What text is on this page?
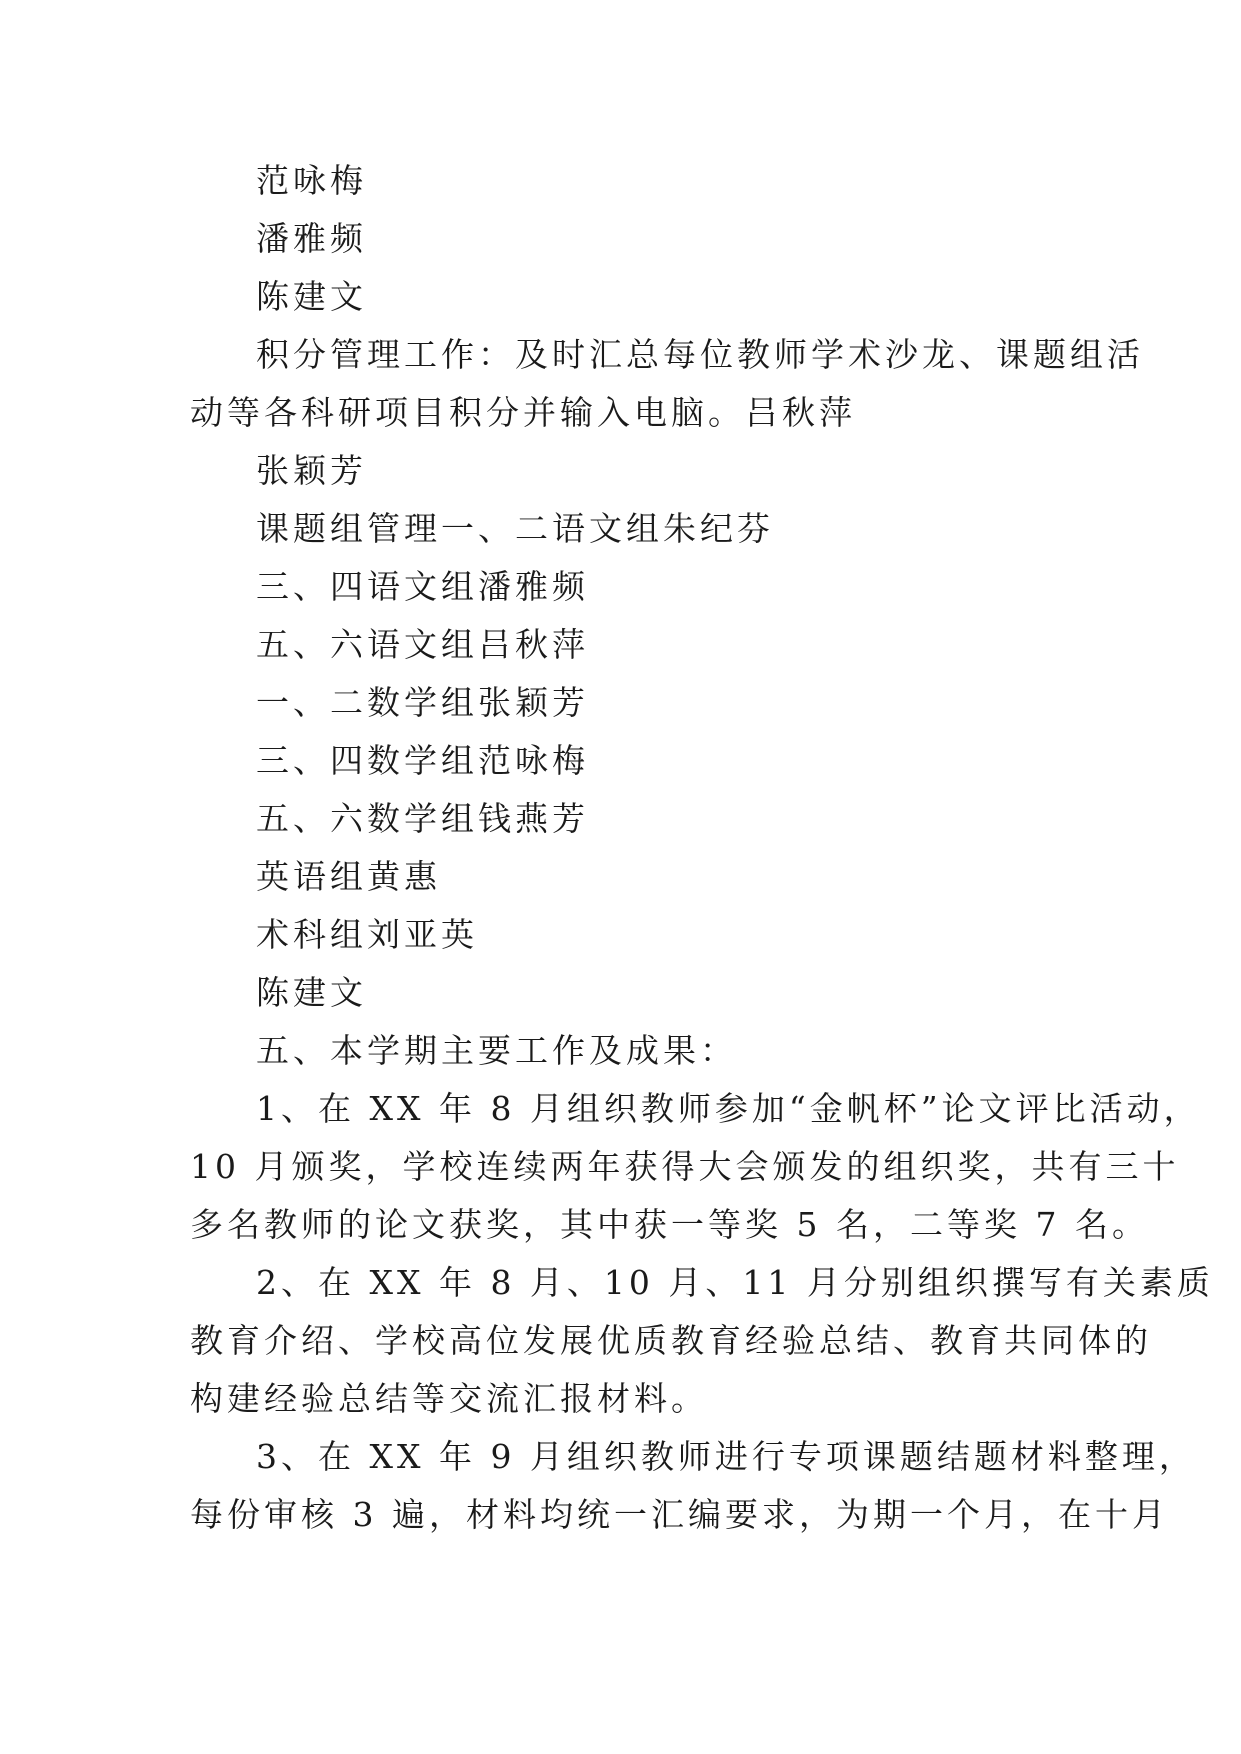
范咏梅
潘雅频
陈建文
积分管理工作：及时汇总每位教师学术沙龙、课题组活
动等各科研项目积分并输入电脑。吕秋萍
张颖芳
课题组管理一、二语文组朱纪芬
三、四语文组潘雅频
五、六语文组吕秋萍
一、二数学组张颖芳
三、四数学组范咏梅
五、六数学组钱燕芳
英语组黄惠
术科组刘亚英
陈建文
五、本学期主要工作及成果：
1、在 XX 年 8 月组织教师参加“金帆杯”论文评比活动，
10 月颁奖，学校连续两年获得大会颁发的组织奖，共有三十
多名教师的论文获奖，其中获一等奖 5 名，二等奖 7 名。
2、在 XX 年 8 月、10 月、11 月分别组织撰写有关素质
教育介绍、学校高位发展优质教育经验总结、教育共同体的
构建经验总结等交流汇报材料。
3、在 XX 年 9 月组织教师进行专项课题结题材料整理，
每份审核 3 遍，材料均统一汇编要求，为期一个月，在十月
